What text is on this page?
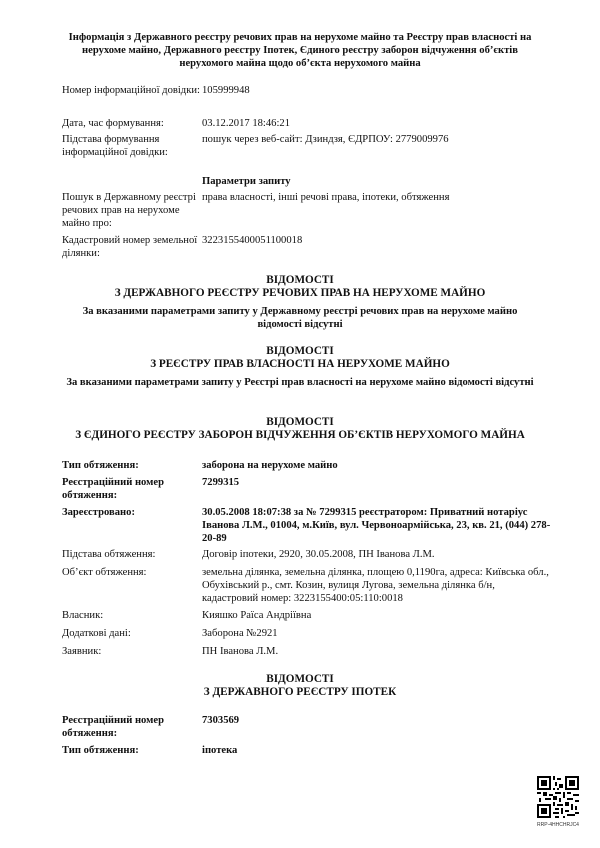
Інформація з Державного реєстру речових прав на нерухоме майно та Реєстру прав власності на нерухоме майно, Державного реєстру Іпотек, Єдиного реєстру заборон відчуження об’єктів нерухомого майна щодо об’єкта нерухомого майна
Номер інформаційної довідки: 105999948
Дата, час формування:	03.12.2017 18:46:21
Підстава формування інформаційної довідки:
пошук через веб-сайт: Дзиндзя, ЄДРПОУ: 2779009976
Параметри запиту
Пошук в Державному реєстрі речових прав на нерухоме майно про:
права власності, інші речові права, іпотеки, обтяження
Кадастровий номер земельної ділянки:
3223155400051100018
ВІДОМОСТІ
З ДЕРЖАВНОГО РЕЄСТРУ РЕЧОВИХ ПРАВ НА НЕРУХОМЕ МАЙНО
За вказаними параметрами запиту у Державному реєстрі речових прав на нерухоме майно відомості відсутні
ВІДОМОСТІ
З РЕЄСТРУ ПРАВ ВЛАСНОСТІ НА НЕРУХОМЕ МАЙНО
За вказаними параметрами запиту у Реєстрі прав власності на нерухоме майно відомості відсутні
ВІДОМОСТІ
З ЄДИНОГО РЕЄСТРУ ЗАБОРОН ВІДЧУЖЕННЯ ОБ’ЄКТІВ НЕРУХОМОГО МАЙНА
Тип обтяження:	заборона на нерухоме майно
Реєстраційний номер обтяження:
7299315
Зареєстровано:	30.05.2008 18:07:38 за № 7299315 реєстратором: Приватний нотаріус Іванова Л.М., 01004, м.Київ, вул. Червоноармійська, 23, кв. 21, (044) 278-20-89
Підстава обтяження:	Договір іпотеки, 2920, 30.05.2008, ПН Іванова Л.М.
Об’єкт обтяження:	земельна ділянка, земельна ділянка, площею 0,1190га, адреса: Київська обл., Обухівський р., смт. Козин, вулиця Лугова, земельна ділянка б/н, кадастровий номер: 3223155400:05:110:0018
Власник:	Кияшко Раїса Андріївна
Додаткові дані:	Заборона №2921
Заявник:	ПН Іванова Л.М.
ВІДОМОСТІ
З ДЕРЖАВНОГО РЕЄСТРУ ІПОТЕК
Реєстраційний номер обтяження:
7303569
Тип обтяження:	іпотека
RRP-4HHCHRJC4
